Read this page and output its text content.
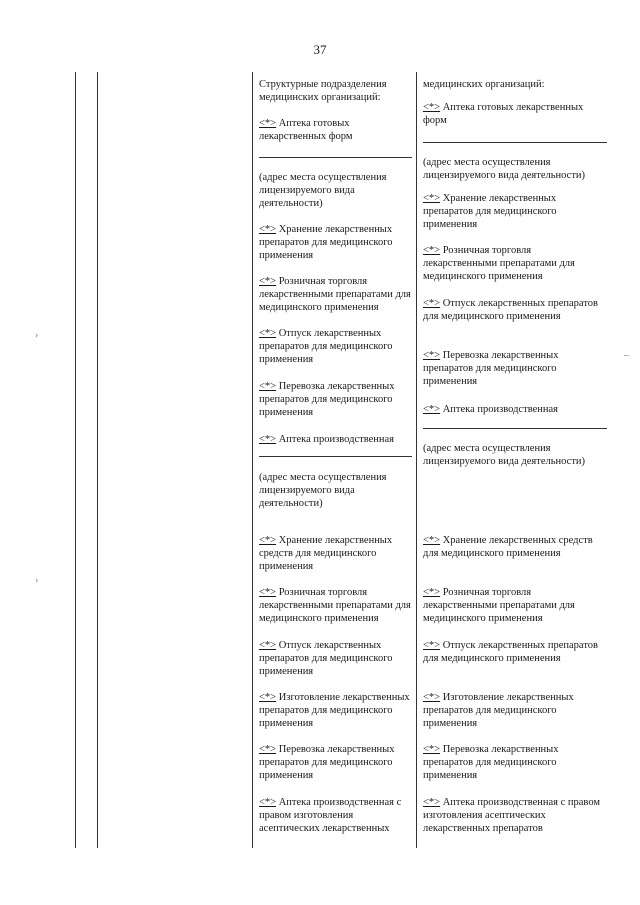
37
›
›
–
Структурные подразделения медицинских организаций:
<*> Аптека готовых лекарственных форм
(адрес места осуществления лицензируемого вида деятельности)
<*> Хранение лекарственных препаратов для медицинского применения
<*> Розничная торговля лекарственными препаратами для медицинского применения
<*> Отпуск лекарственных препаратов для медицинского применения
<*> Перевозка лекарственных препаратов для медицинского применения
<*> Аптека производственная
(адрес места осуществления лицензируемого вида деятельности)
<*> Хранение лекарственных средств для медицинского применения
<*> Розничная торговля лекарственными препаратами для медицинского применения
<*> Отпуск лекарственных препаратов для медицинского применения
<*> Изготовление лекарственных препаратов для медицинского применения
<*> Перевозка лекарственных препаратов для медицинского применения
<*> Аптека производственная с правом изготовления асептических лекарственных
медицинских организаций:
<*> Аптека готовых лекарственных форм
(адрес места осуществления лицензируемого вида деятельности)
<*> Хранение лекарственных препаратов для медицинского применения
<*> Розничная торговля лекарственными препаратами для медицинского применения
<*> Отпуск лекарственных препаратов для медицинского применения
<*> Перевозка лекарственных препаратов для медицинского применения
<*> Аптека производственная
(адрес места осуществления лицензируемого вида деятельности)
<*> Хранение лекарственных средств для медицинского применения
<*> Розничная торговля лекарственными препаратами для медицинского применения
<*> Отпуск лекарственных препаратов для медицинского применения
<*> Изготовление лекарственных препаратов для медицинского применения
<*> Перевозка лекарственных препаратов для медицинского применения
<*> Аптека производственная с правом изготовления асептических лекарственных препаратов
